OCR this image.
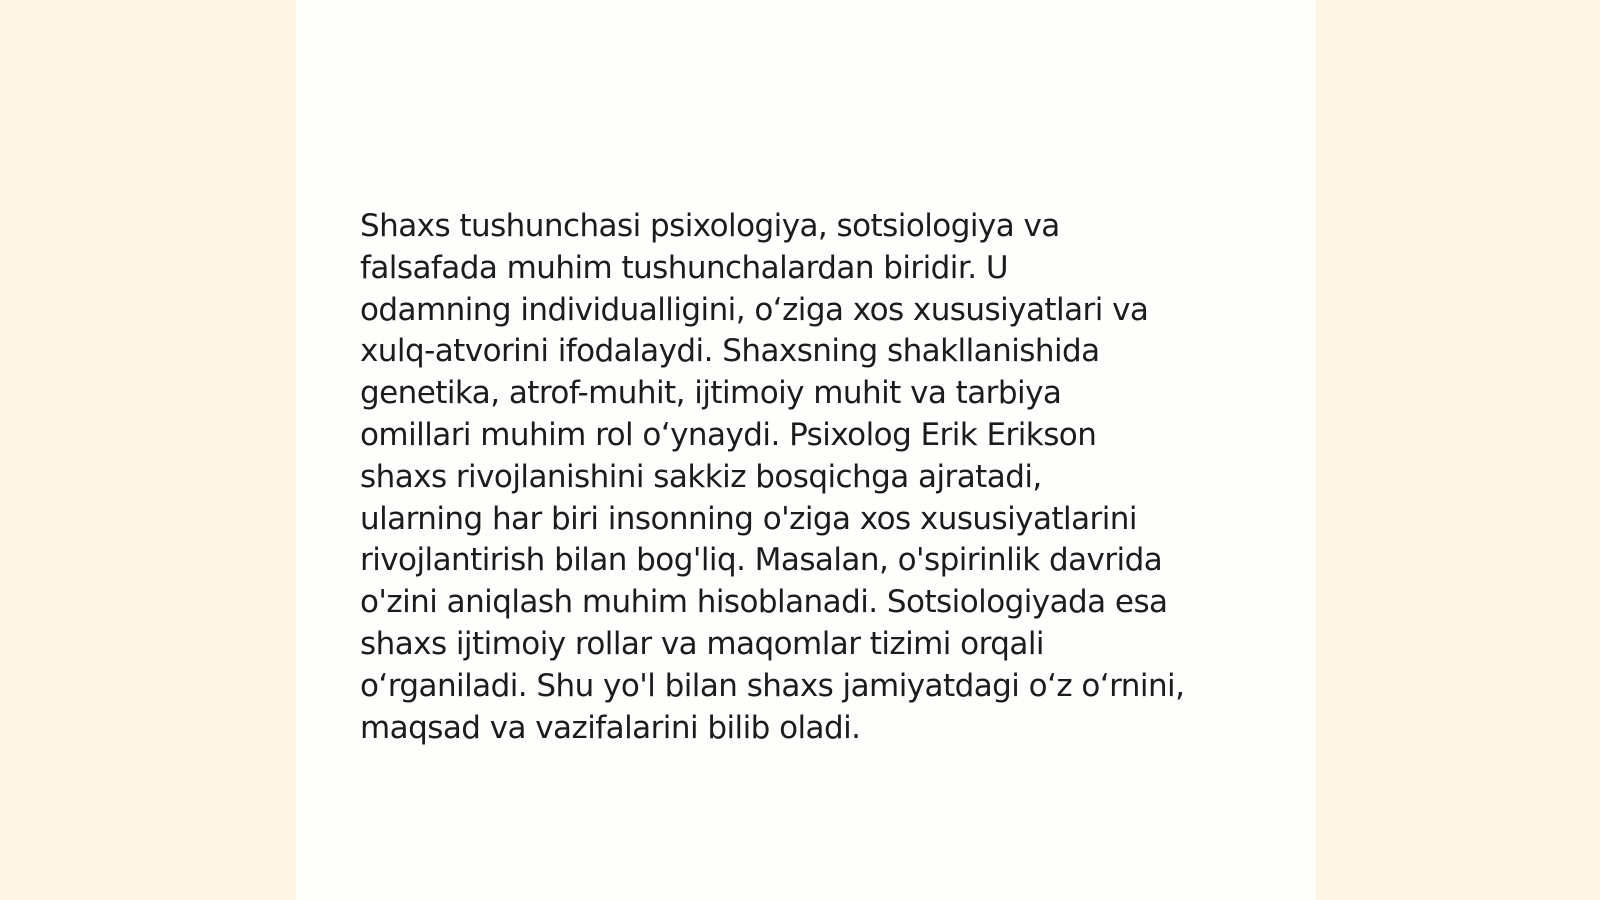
Shaxs tushunchasi psixologiya, sotsiologiya va
falsafada muhim tushunchalardan biridir. U
odamning individualligini, o‘ziga xos xususiyatlari va
xulq-atvorini ifodalaydi. Shaxsning shakllanishida
genetika, atrof-muhit, ijtimoiy muhit va tarbiya
omillari muhim rol o‘ynaydi. Psixolog Erik Erikson
shaxs rivojlanishini sakkiz bosqichga ajratadi,
ularning har biri insonning o'ziga xos xususiyatlarini
rivojlantirish bilan bog'liq. Masalan, o'spirinlik davrida
o'zini aniqlash muhim hisoblanadi. Sotsiologiyada esa
shaxs ijtimoiy rollar va maqomlar tizimi orqali
o‘rganiladi. Shu yo'l bilan shaxs jamiyatdagi o‘z o‘rnini,
maqsad va vazifalarini bilib oladi.
